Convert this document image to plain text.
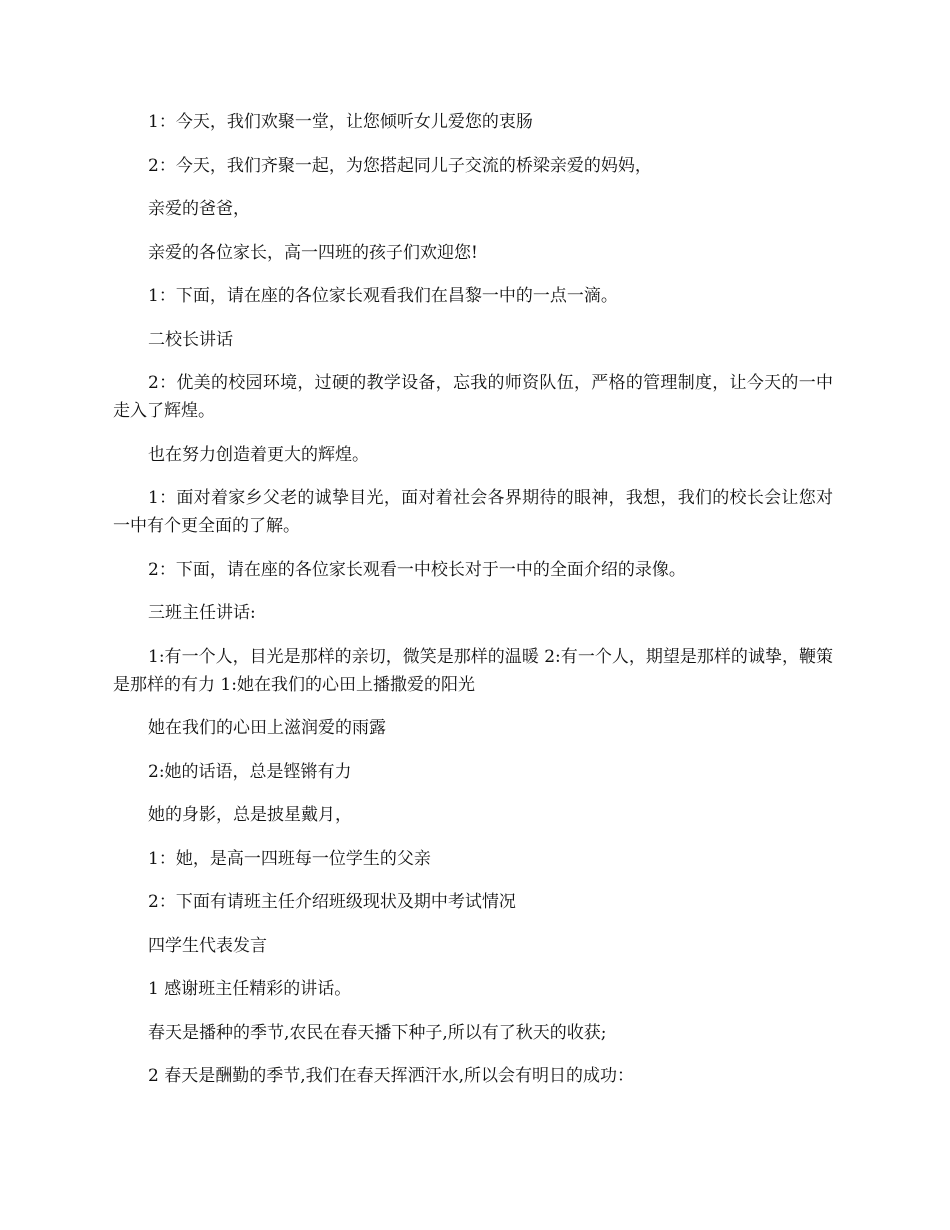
1：今天，我们欢聚一堂，让您倾听女儿爱您的衷肠

2：今天，我们齐聚一起，为您搭起同儿子交流的桥梁亲爱的妈妈，

亲爱的爸爸，

亲爱的各位家长，高一四班的孩子们欢迎您!

1：下面，请在座的各位家长观看我们在昌黎一中的一点一滴。

二校长讲话

2：优美的校园环境，过硬的教学设备，忘我的师资队伍，严格的管理制度，让今天的一中走入了辉煌。

也在努力创造着更大的辉煌。

1：面对着家乡父老的诚挚目光，面对着社会各界期待的眼神，我想，我们的校长会让您对一中有个更全面的了解。

2：下面，请在座的各位家长观看一中校长对于一中的全面介绍的录像。

三班主任讲话:

1:有一个人，目光是那样的亲切，微笑是那样的温暖 2:有一个人，期望是那样的诚挚，鞭策是那样的有力 1:她在我们的心田上播撒爱的阳光

她在我们的心田上滋润爱的雨露

2:她的话语，总是铿锵有力

她的身影，总是披星戴月，

1：她，是高一四班每一位学生的父亲

2：下面有请班主任介绍班级现状及期中考试情况

四学生代表发言

1 感谢班主任精彩的讲话。

春天是播种的季节,农民在春天播下种子,所以有了秋天的收获;

2 春天是酬勤的季节,我们在春天挥洒汗水,所以会有明日的成功：
